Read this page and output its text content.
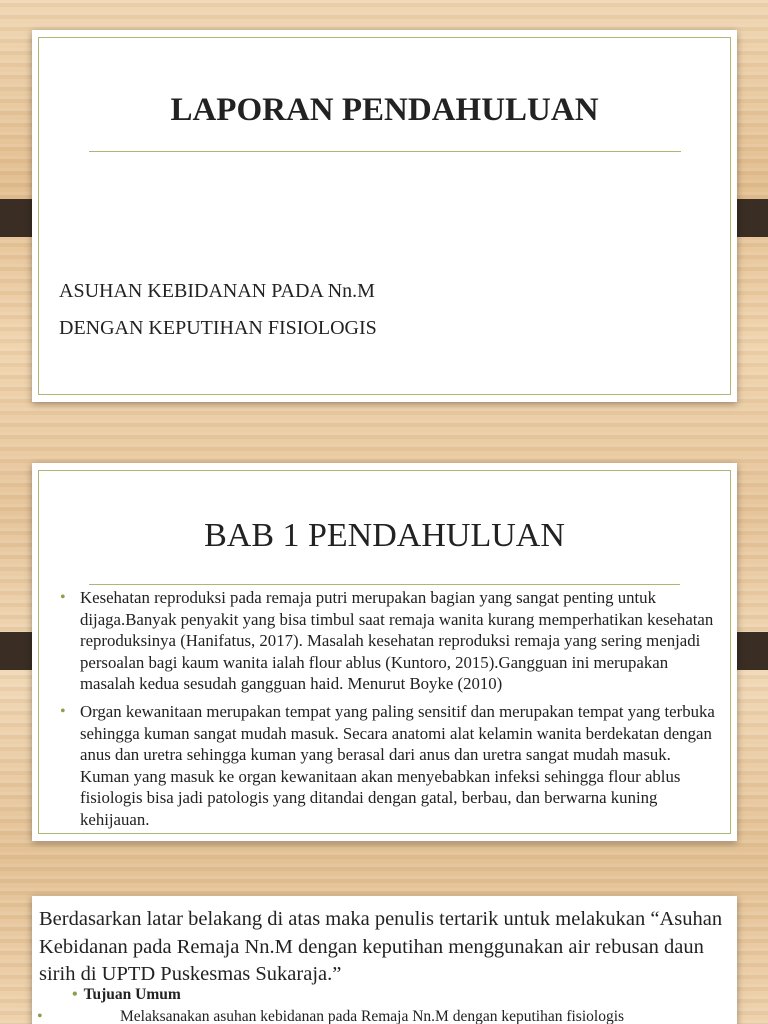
LAPORAN PENDAHULUAN
ASUHAN KEBIDANAN PADA Nn.M
DENGAN KEPUTIHAN FISIOLOGIS
BAB 1 PENDAHULUAN
• Kesehatan reproduksi pada remaja putri merupakan bagian yang sangat penting untuk dijaga.Banyak penyakit yang bisa timbul saat remaja wanita kurang memperhatikan kesehatan reproduksinya (Hanifatus, 2017). Masalah kesehatan reproduksi remaja yang sering menjadi persoalan bagi kaum wanita ialah flour ablus (Kuntoro, 2015).Gangguan ini merupakan masalah kedua sesudah gangguan haid. Menurut Boyke (2010)
• Organ kewanitaan merupakan tempat yang paling sensitif dan merupakan tempat yang terbuka sehingga kuman sangat mudah masuk. Secara anatomi alat kelamin wanita berdekatan dengan anus dan uretra sehingga kuman yang berasal dari anus dan uretra sangat mudah masuk. Kuman yang masuk ke organ kewanitaan akan menyebabkan infeksi sehingga flour ablus fisiologis bisa jadi patologis yang ditandai dengan gatal, berbau, dan berwarna kuning kehijauan.
Berdasarkan latar belakang di atas maka penulis tertarik untuk melakukan “Asuhan Kebidanan pada Remaja Nn.M dengan keputihan menggunakan air rebusan daun sirih di UPTD Puskesmas Sukaraja.”
• Tujuan Umum
•	Melaksanakan asuhan kebidanan pada Remaja Nn.M dengan keputihan fisiologis
